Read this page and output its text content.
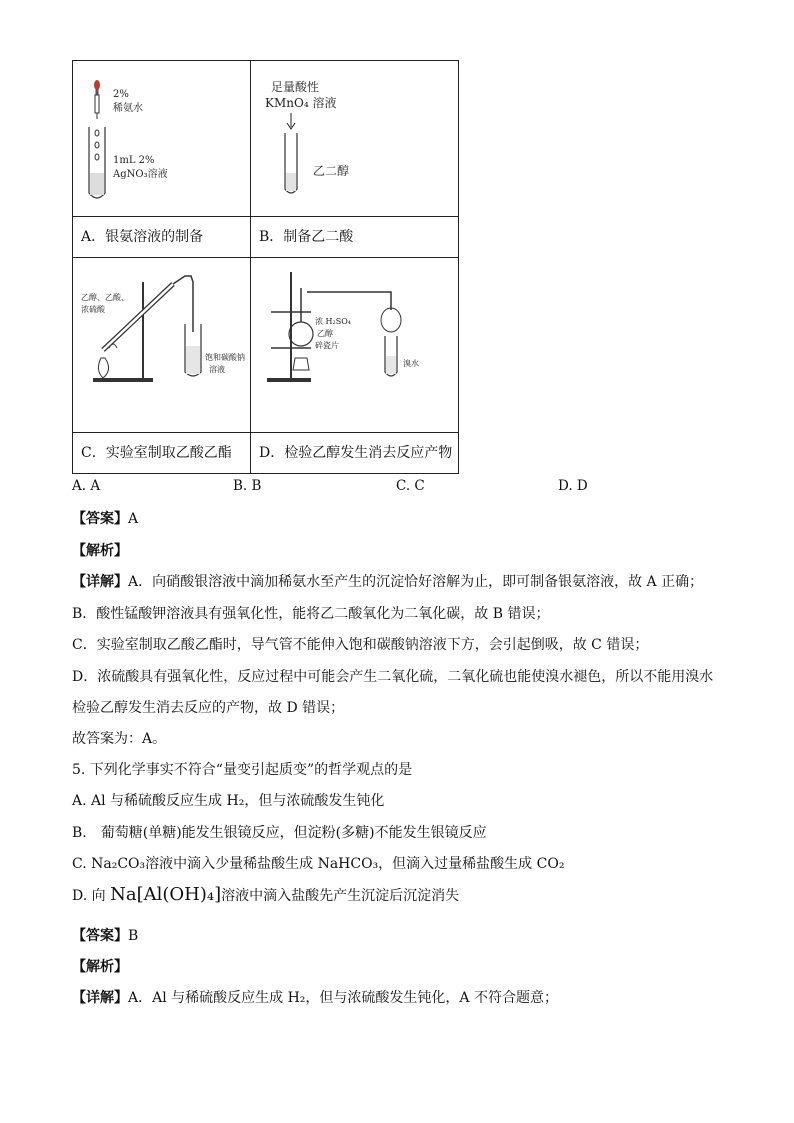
2%
稀氨水
1mL 2%
AgNO₃溶液	足量酸性
KMnO₄ 溶液
乙二醇

A．银氨溶液的制备	B．制备乙二酸

乙醇、乙酸、
浓硫酸
饱和碳酸钠
溶液	浓 H₂SO₄
乙醇
碎瓷片
溴水

C．实验室制取乙酸乙酯	D．检验乙醇发生消去反应产物
A. A	B. B	C. C	D. D
【答案】A
【解析】
【详解】A．向硝酸银溶液中滴加稀氨水至产生的沉淀恰好溶解为止，即可制备银氨溶液，故 A 正确；
B．酸性锰酸钾溶液具有强氧化性，能将乙二酸氧化为二氧化碳，故 B 错误；
C．实验室制取乙酸乙酯时，导气管不能伸入饱和碳酸钠溶液下方，会引起倒吸，故 C 错误；
D．浓硫酸具有强氧化性，反应过程中可能会产生二氧化硫，二氧化硫也能使溴水褪色，所以不能用溴水
检验乙醇发生消去反应的产物，故 D 错误；
故答案为：A。
5. 下列化学事实不符合“量变引起质变”的哲学观点的是
A. Al 与稀硫酸反应生成 H₂，但与浓硫酸发生钝化
B.　葡萄糖(单糖)能发生银镜反应，但淀粉(多糖)不能发生银镜反应
C. Na₂CO₃溶液中滴入少量稀盐酸生成 NaHCO₃，但滴入过量稀盐酸生成 CO₂
D. 向 Na[Al(OH)₄]溶液中滴入盐酸先产生沉淀后沉淀消失
【答案】B
【解析】
【详解】A．Al 与稀硫酸反应生成 H₂，但与浓硫酸发生钝化，A 不符合题意；
